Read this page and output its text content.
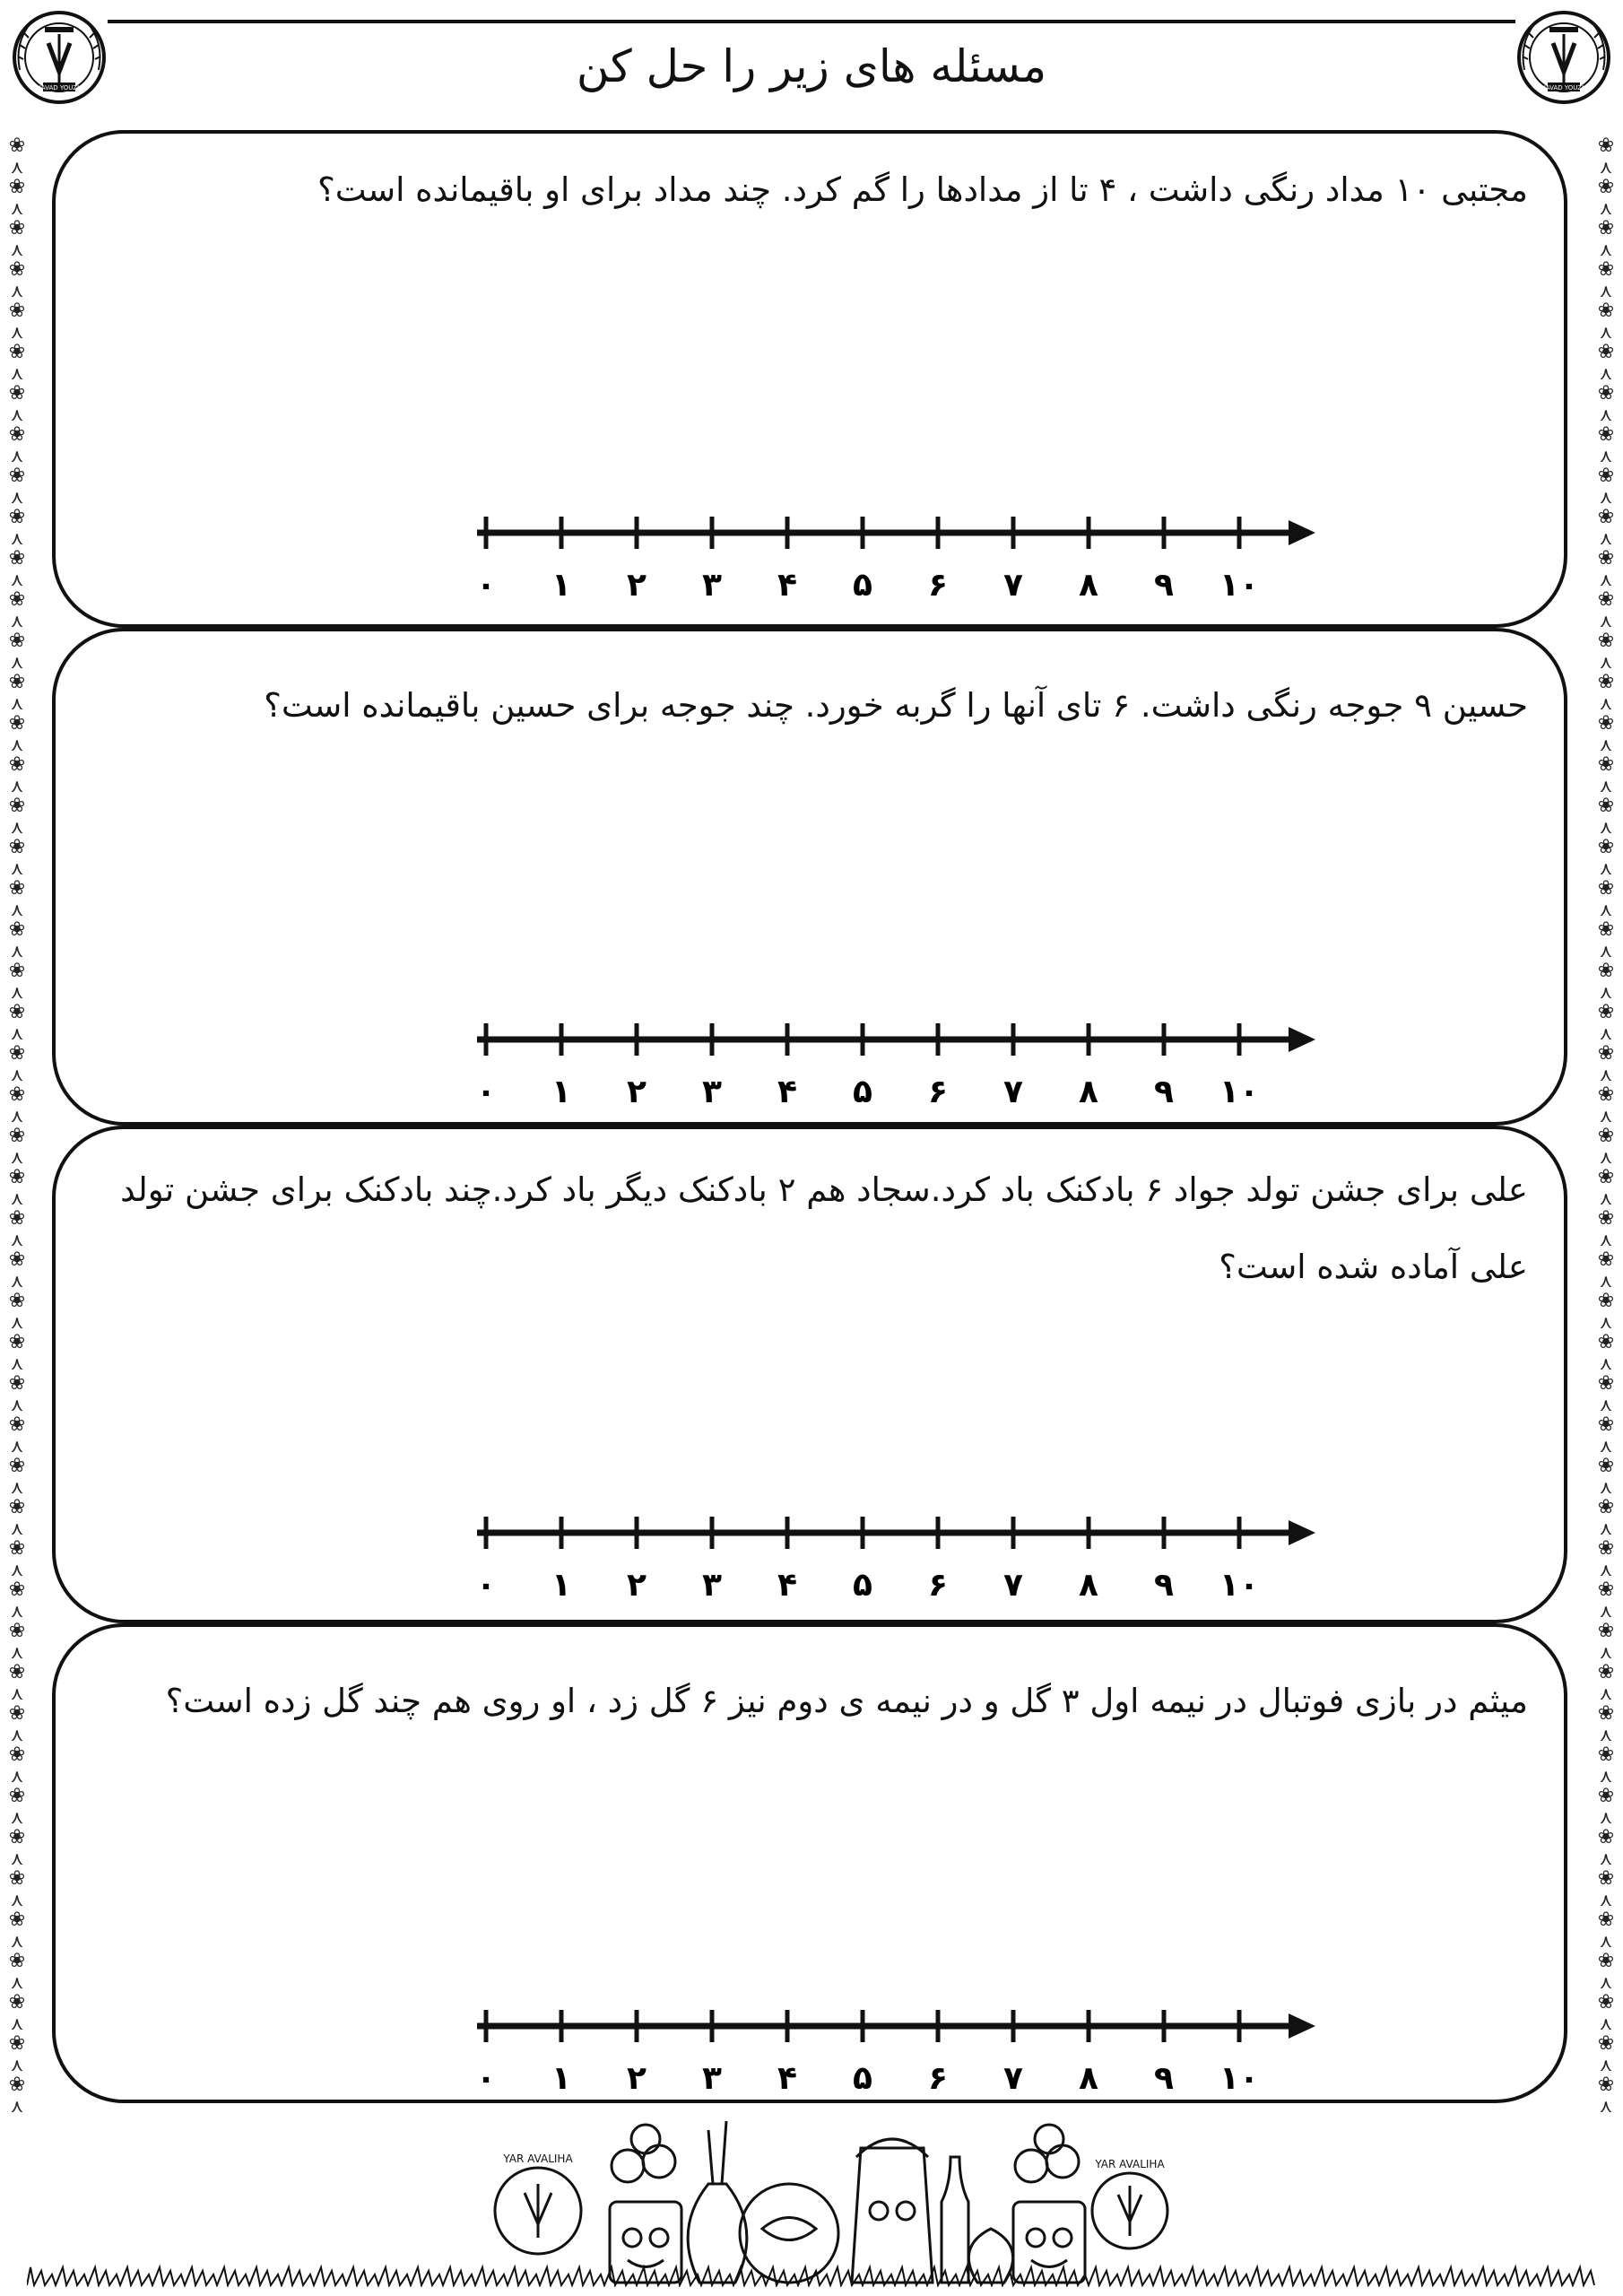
❀
⋏
❀
⋏
❀
⋏
❀
⋏
❀
⋏
❀
⋏
❀
⋏
❀
⋏
❀
⋏
❀
⋏
❀
⋏
❀
⋏
❀
⋏
❀
⋏
❀
⋏
❀
⋏
❀
⋏
❀
⋏
❀
⋏
❀
⋏
❀
⋏
❀
⋏
❀
⋏
❀
⋏
❀
⋏
❀
⋏
❀
⋏
❀
⋏
❀
⋏
❀
⋏
❀
⋏
❀
⋏
❀
⋏
❀
⋏
❀
⋏
❀
⋏
❀
⋏
❀
⋏
❀
⋏
❀
⋏
❀
⋏
❀
⋏
❀
⋏
❀
⋏
❀
⋏
❀
⋏
❀
⋏
❀
⋏
❀
⋏
❀
⋏
❀
⋏
❀
⋏
❀
⋏
❀
⋏
❀
⋏
❀
⋏
❀
⋏
❀
⋏
❀
⋏
❀
⋏
❀
⋏
❀
⋏
❀
⋏
❀
⋏
❀
⋏
❀
⋏
❀
⋏
❀
⋏
❀
⋏
❀
⋏
❀
⋏
❀
⋏
❀
⋏
❀
⋏
❀
⋏
❀
⋏
❀
⋏
❀
⋏
❀
⋏
❀
⋏
❀
⋏
❀
⋏
❀
⋏
❀
⋏
❀
⋏
❀
⋏
❀
⋏
❀
⋏
❀
⋏
❀
⋏
❀
⋏
❀
⋏
❀
⋏
❀
⋏
❀
⋏
❀
⋏
JAVAD YOUZI	JAVAD YOUZI
مسئله های زیر را حل کن
مجتبی ۱۰ مداد رنگی داشت ، ۴ تا از مدادها را گم کرد. چند مداد برای او باقیمانده است؟
۰ ۱ ۲ ۳ ۴ ۵ ۶ ۷ ۸ ۹ ۱۰
حسین ۹ جوجه رنگی داشت. ۶ تای آنها را گربه خورد. چند جوجه برای حسین باقیمانده است؟
۰ ۱ ۲ ۳ ۴ ۵ ۶ ۷ ۸ ۹ ۱۰
علی برای جشن تولد جواد ۶ بادکنک باد کرد.سجاد هم ۲ بادکنک دیگر باد کرد.چند بادکنک برای جشن تولد علی آماده شده است؟
۰ ۱ ۲ ۳ ۴ ۵ ۶ ۷ ۸ ۹ ۱۰
میثم در بازی فوتبال در نیمه اول ۳ گل و در نیمه ی دوم نیز ۶ گل زد ، او روی هم چند گل زده است؟
۰ ۱ ۲ ۳ ۴ ۵ ۶ ۷ ۸ ۹ ۱۰
YAR AVALIHA	YAR AVALIHA
